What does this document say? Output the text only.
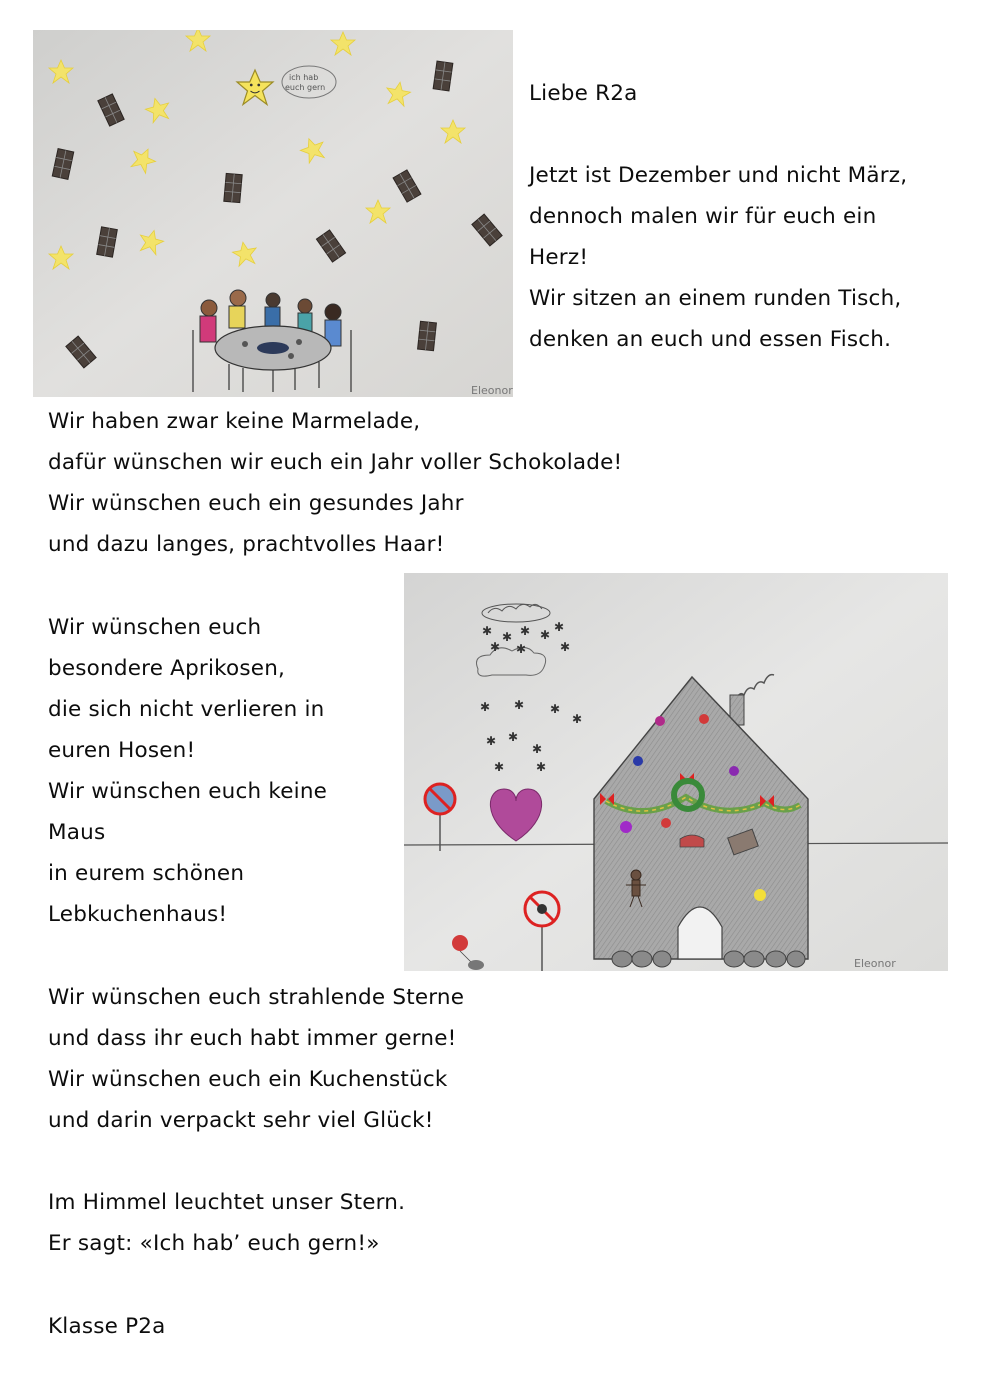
ich hab
euch gern
Eleonor
✱ ✱ ✱ ✱
✱
✱ ✱	✱
✱ ✱ ✱
✱
✱ ✱
✱
✱	✱
Eleonor
Liebe R2a
Jetzt ist Dezember und nicht März,
dennoch malen wir für euch ein
Herz!
Wir sitzen an einem runden Tisch,
denken an euch und essen Fisch.
Wir haben zwar keine Marmelade,
dafür wünschen wir euch ein Jahr voller Schokolade!
Wir wünschen euch ein gesundes Jahr
und dazu langes, prachtvolles Haar!
Wir wünschen euch
besondere Aprikosen,
die sich nicht verlieren in
euren Hosen!
Wir wünschen euch keine
Maus
in eurem schönen
Lebkuchenhaus!
Wir wünschen euch strahlende Sterne
und dass ihr euch habt immer gerne!
Wir wünschen euch ein Kuchenstück
und darin verpackt sehr viel Glück!
Im Himmel leuchtet unser Stern.
Er sagt: «Ich hab’ euch gern!»
Klasse P2a
